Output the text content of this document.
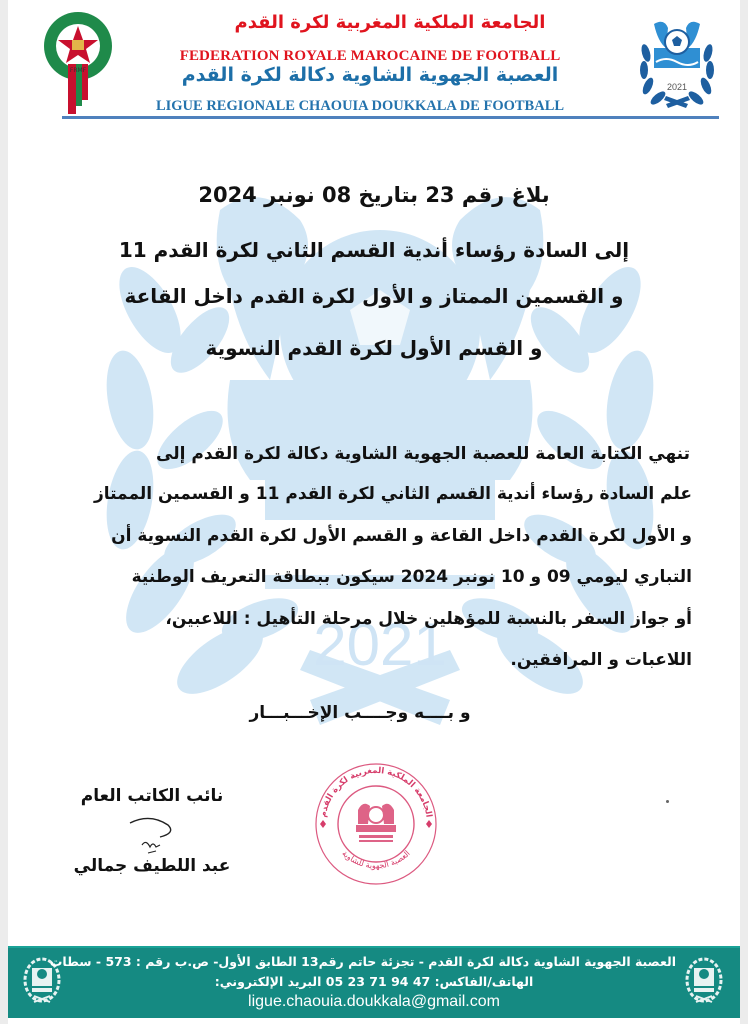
2021
FRMF
2021
الجامعة الملكية المغربية لكرة القدم
FEDERATION ROYALE MAROCAINE DE FOOTBALL
العصبة الجهوية الشاوية دكالة لكرة القدم
LIGUE REGIONALE CHAOUIA DOUKKALA DE FOOTBALL
بلاغ رقم 23 بتاريخ 08 نونبر 2024
إلى السادة رؤساء أندية القسم الثاني لكرة القدم 11
و القسمين الممتاز و الأول لكرة القدم داخل القاعة
و القسم الأول لكرة القدم النسوية
تنهي الكتابة العامة للعصبة الجهوية الشاوية دكالة لكرة القدم إلى
علم السادة رؤساء أندية القسم الثاني لكرة القدم 11 و القسمين الممتاز
و الأول لكرة القدم داخل القاعة و القسم الأول لكرة القدم النسوية أن
التباري ليومي 09 و 10 نونبر 2024 سيكون ببطاقة التعريف الوطنية
أو جواز السفر بالنسبة للمؤهلين خلال مرحلة التأهيل : اللاعبين،
اللاعبات و المرافقين.
و بــــه وجــــب الإخـــبـــار
نائب الكاتب العام
عبد اللطيف جمالي
الجامعة الملكية المغربية لكرة القدم
العصبة الجهوية للشاوية
العصبة الجهوية الشاوية دكالة لكرة القدم - تجزئة حاتم رقم13 الطابق الأول- ص.ب رقم : 573 - سطات
الهاتف/الفاكس: 47 94 71 23 05 البريد الإلكتروني:
ligue.chaouia.doukkala@gmail.com
